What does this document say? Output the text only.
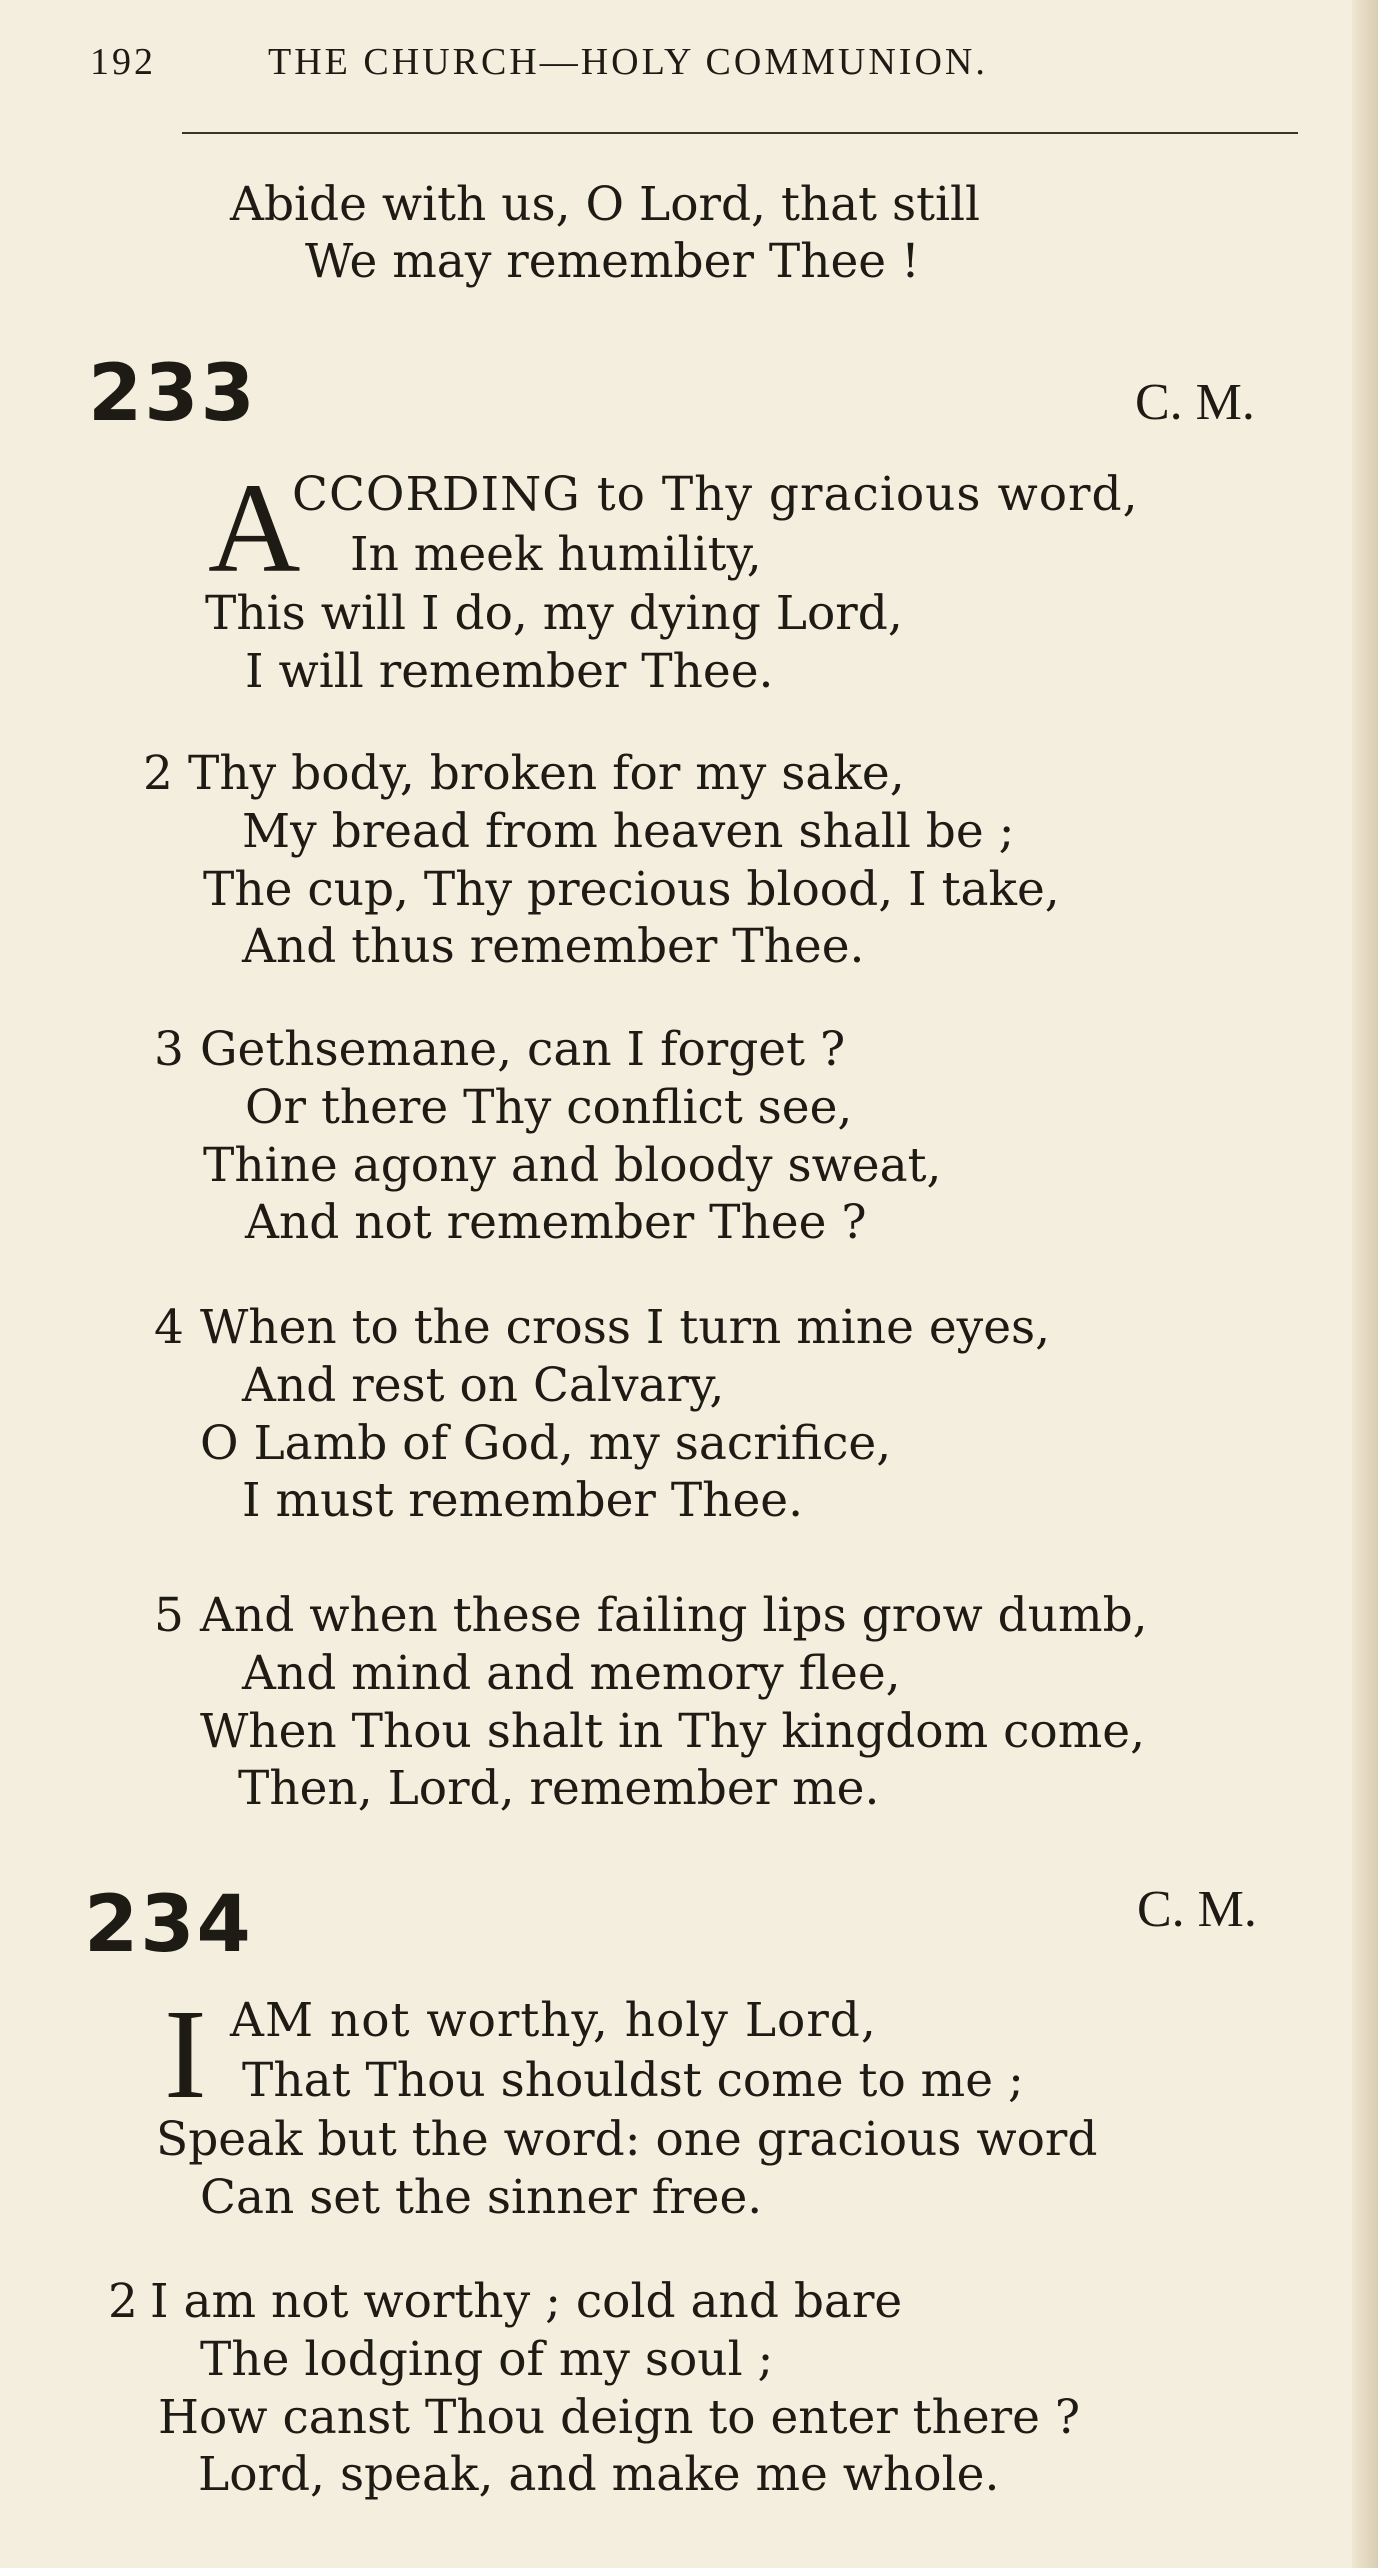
192	THE CHURCH—HOLY COMMUNION.
Abide with us, O Lord, that still
We may remember Thee !
233	C. M.
A
CCORDING to Thy gracious word,
In meek humility,
This will I do, my dying Lord,
I will remember Thee.
2 Thy body, broken for my sake,
My bread from heaven shall be ;
The cup, Thy precious blood, I take,
And thus remember Thee.
3 Gethsemane, can I forget ?
Or there Thy conflict see,
Thine agony and bloody sweat,
And not remember Thee ?
4 When to the cross I turn mine eyes,
And rest on Calvary,
O Lamb of God, my sacrifice,
I must remember Thee.
5 And when these failing lips grow dumb,
And mind and memory flee,
When Thou shalt in Thy kingdom come,
Then, Lord, remember me.
234	C. M.
I AM not worthy, holy Lord,
That Thou shouldst come to me ;
Speak but the word: one gracious word
Can set the sinner free.
2 I am not worthy ; cold and bare
The lodging of my soul ;
How canst Thou deign to enter there ?
Lord, speak, and make me whole.
